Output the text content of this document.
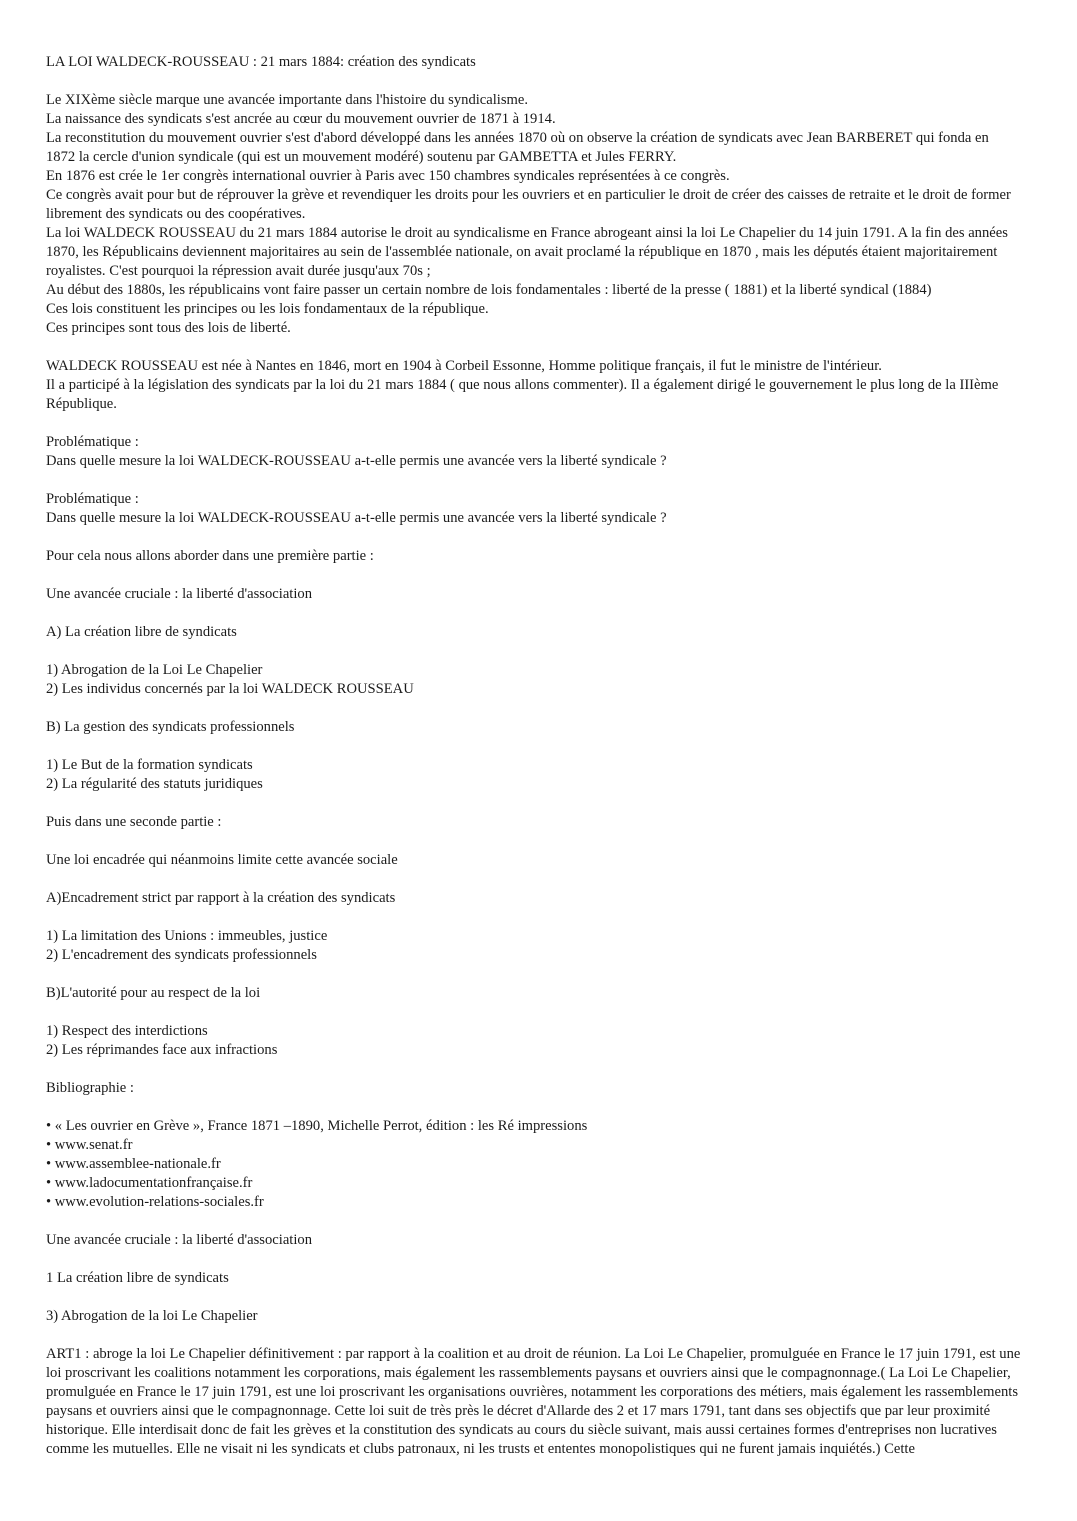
LA LOI WALDECK-ROUSSEAU : 21 mars 1884: création des syndicats
Le XIXème siècle marque une avancée importante dans l'histoire du syndicalisme.
La naissance des syndicats s'est ancrée au cœur du mouvement ouvrier de 1871 à 1914.
La reconstitution du mouvement ouvrier s'est d'abord développé dans les années 1870 où on observe la création de syndicats avec Jean BARBERET qui fonda en 1872 la cercle d'union syndicale (qui est un mouvement modéré) soutenu par GAMBETTA et Jules FERRY.
En 1876 est crée le 1er congrès international ouvrier à Paris avec 150 chambres syndicales représentées à ce congrès.
Ce congrès avait pour but de réprouver la grève et revendiquer les droits pour les ouvriers et en particulier le droit de créer des caisses de retraite et le droit de former librement des syndicats ou des coopératives.
La loi WALDECK ROUSSEAU du 21 mars 1884 autorise le droit au syndicalisme en France abrogeant ainsi la loi Le Chapelier du 14 juin 1791. A la fin des années 1870, les Républicains deviennent majoritaires au sein de l'assemblée nationale, on avait proclamé la république en 1870 , mais les députés étaient majoritairement royalistes. C'est pourquoi la répression avait durée jusqu'aux 70s ;
Au début des 1880s, les républicains vont faire passer un certain nombre de lois fondamentales : liberté de la presse ( 1881) et la liberté syndical (1884)
Ces lois constituent les principes ou les lois fondamentaux de la république.
Ces principes sont tous des lois de liberté.
WALDECK ROUSSEAU est née à Nantes en 1846, mort en 1904 à Corbeil Essonne, Homme politique français, il fut le ministre de l'intérieur.
Il a participé à la législation des syndicats par la loi du 21 mars 1884 ( que nous allons commenter). Il a également dirigé le gouvernement le plus long de la IIIème République.
Problématique :
Dans quelle mesure la loi WALDECK-ROUSSEAU a-t-elle permis une avancée vers la liberté syndicale ?
Problématique :
Dans quelle mesure la loi WALDECK-ROUSSEAU a-t-elle permis une avancée vers la liberté syndicale ?
Pour cela nous allons aborder dans une première partie :
Une avancée cruciale : la liberté d'association
A) La création libre de syndicats
1) Abrogation de la Loi Le Chapelier
2) Les individus concernés par la loi WALDECK ROUSSEAU
B) La gestion des syndicats professionnels
1) Le But de la formation syndicats
2) La régularité des statuts juridiques
Puis dans une seconde partie :
Une loi encadrée qui néanmoins limite cette avancée sociale
A)Encadrement strict par rapport à la création des syndicats
1) La limitation des Unions : immeubles, justice
2) L'encadrement des syndicats professionnels
B)L'autorité pour au respect de la loi
1) Respect des interdictions
2) Les réprimandes face aux infractions
Bibliographie :
• « Les ouvrier en Grève », France 1871 –1890, Michelle Perrot, édition : les Ré impressions
• www.senat.fr
• www.assemblee-nationale.fr
• www.ladocumentationfrançaise.fr
• www.evolution-relations-sociales.fr
Une avancée cruciale : la liberté d'association
1 La création libre de syndicats
3) Abrogation de la loi Le Chapelier
ART1 : abroge la loi Le Chapelier définitivement : par rapport à la coalition et au droit de réunion. La Loi Le Chapelier, promulguée en France le 17 juin 1791, est une loi proscrivant les coalitions notamment les corporations, mais également les rassemblements paysans et ouvriers ainsi que le compagnonnage.( La Loi Le Chapelier, promulguée en France le 17 juin 1791, est une loi proscrivant les organisations ouvrières, notamment les corporations des métiers, mais également les rassemblements paysans et ouvriers ainsi que le compagnonnage. Cette loi suit de très près le décret d'Allarde des 2 et 17 mars 1791, tant dans ses objectifs que par leur proximité historique. Elle interdisait donc de fait les grèves et la constitution des syndicats au cours du siècle suivant, mais aussi certaines formes d'entreprises non lucratives comme les mutuelles. Elle ne visait ni les syndicats et clubs patronaux, ni les trusts et ententes monopolistiques qui ne furent jamais inquiétés.) Cette
